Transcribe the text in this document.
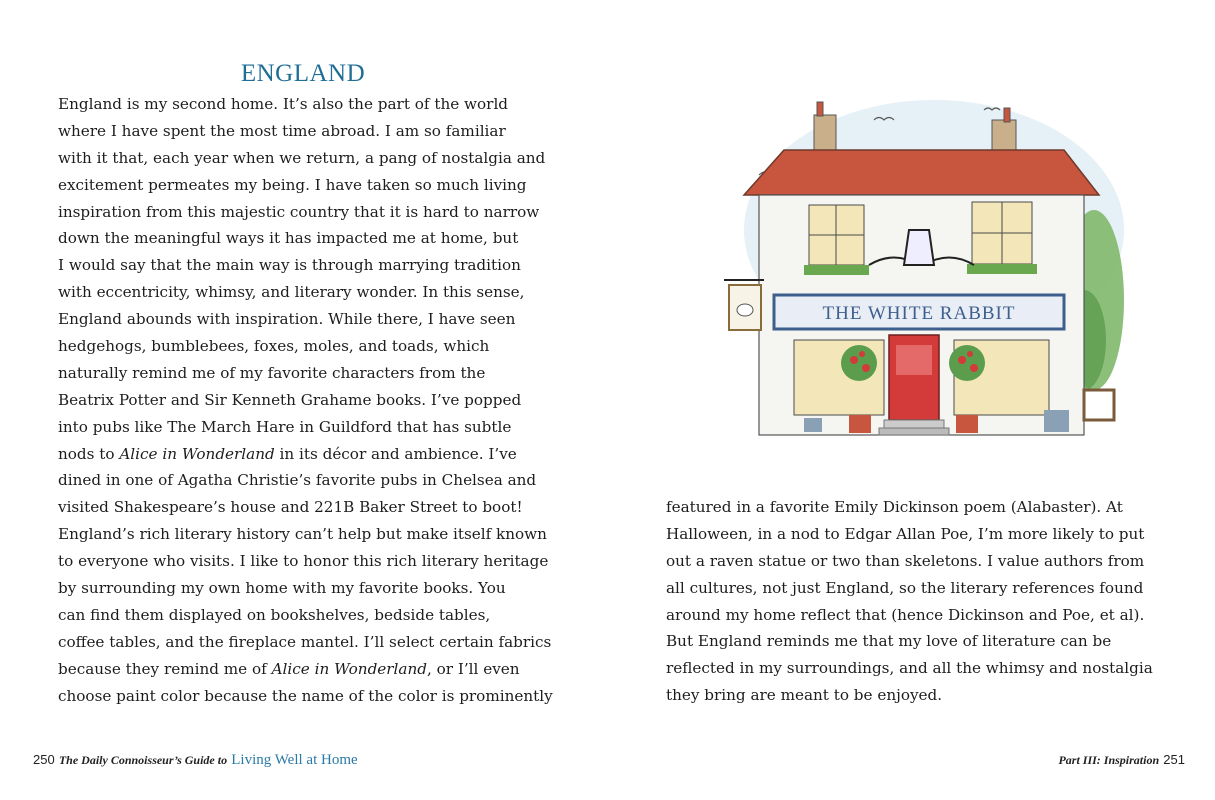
ENGLAND
England is my second home. It’s also the part of the world
where I have spent the most time abroad. I am so familiar
with it that, each year when we return, a pang of nostalgia and
excitement permeates my being. I have taken so much living
inspiration from this majestic country that it is hard to narrow
down the meaningful ways it has impacted me at home, but
I would say that the main way is through marrying tradition
with eccentricity, whimsy, and literary wonder. In this sense,
England abounds with inspiration. While there, I have seen
hedgehogs, bumblebees, foxes, moles, and toads, which
naturally remind me of my favorite characters from the
Beatrix Potter and Sir Kenneth Grahame books. I’ve popped
into pubs like The March Hare in Guildford that has subtle
nods to Alice in Wonderland in its décor and ambience. I’ve
dined in one of Agatha Christie’s favorite pubs in Chelsea and
visited Shakespeare’s house and 221B Baker Street to boot!
England’s rich literary history can’t help but make itself known
to everyone who visits. I like to honor this rich literary heritage
by surrounding my own home with my favorite books. You
can find them displayed on bookshelves, bedside tables,
coffee tables, and the fireplace mantel. I’ll select certain fabrics
because they remind me of Alice in Wonderland, or I’ll even
choose paint color because the name of the color is prominently
250 The Daily Connoisseur’s Guide to Living Well at Home
THE WHITE RABBIT
featured in a favorite Emily Dickinson poem (Alabaster). At
Halloween, in a nod to Edgar Allan Poe, I’m more likely to put
out a raven statue or two than skeletons. I value authors from
all cultures, not just England, so the literary references found
around my home reflect that (hence Dickinson and Poe, et al).
But England reminds me that my love of literature can be
reflected in my surroundings, and all the whimsy and nostalgia
they bring are meant to be enjoyed.
Part III: Inspiration 251
